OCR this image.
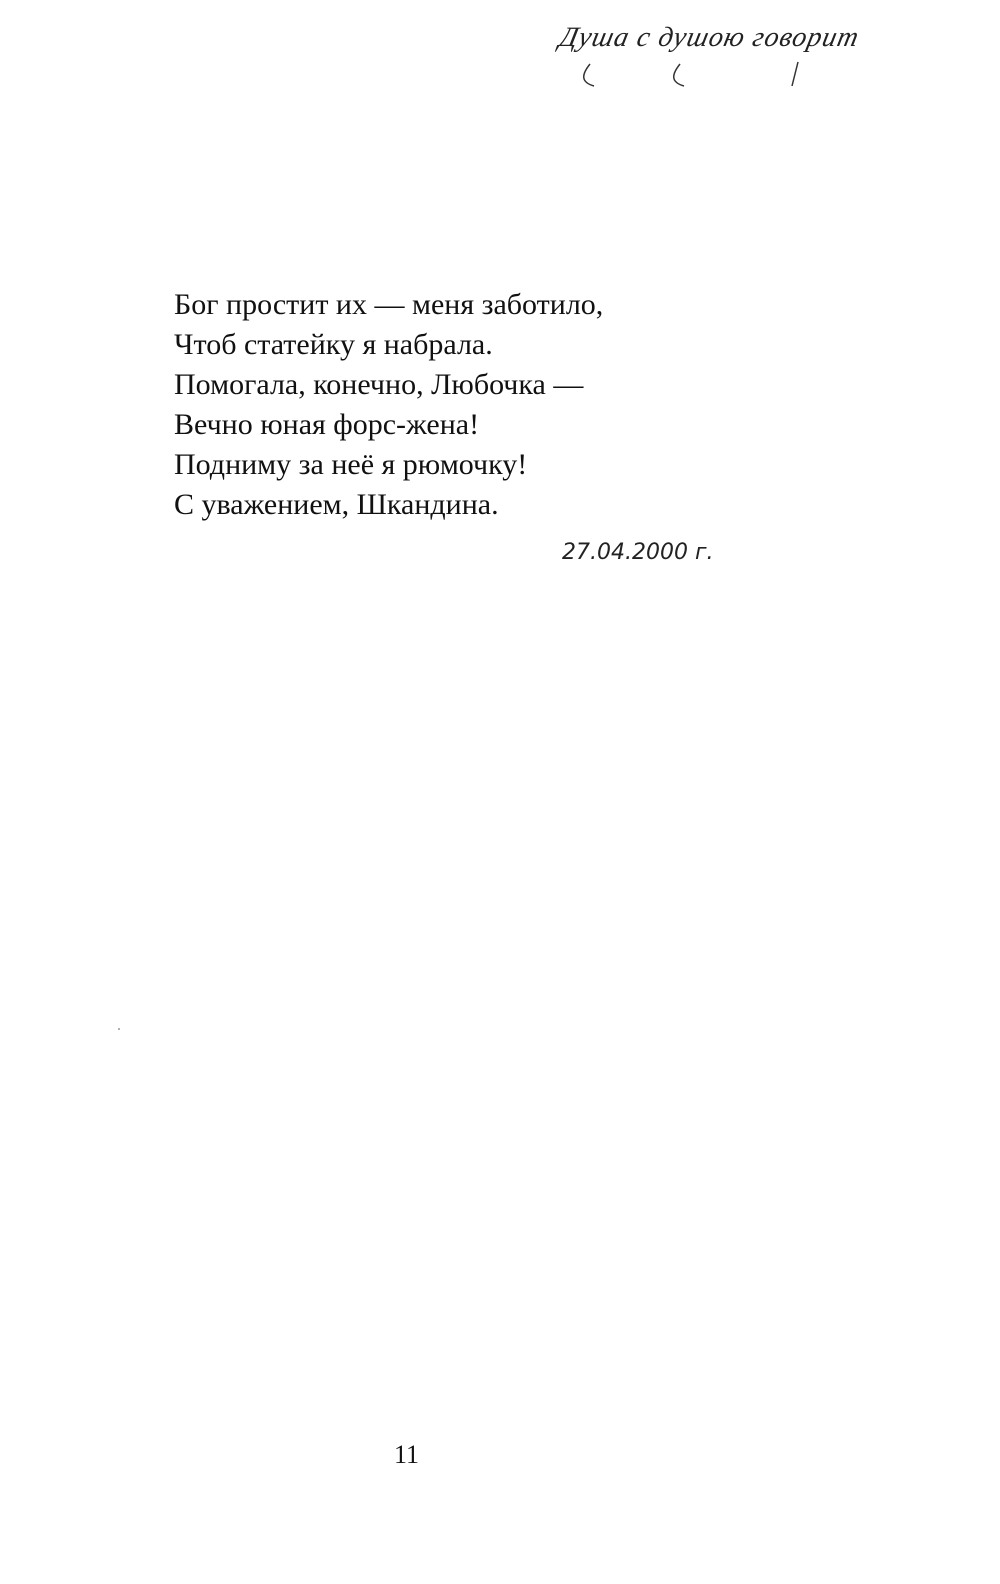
Душа с душою говорит
Бог простит их — меня заботило,
Чтоб статейку я набрала.
Помогала, конечно, Любочка —
Вечно юная форс-жена!
Подниму за неё я рюмочку!
С уважением, Шкандина.
27.04.2000 г.
11
